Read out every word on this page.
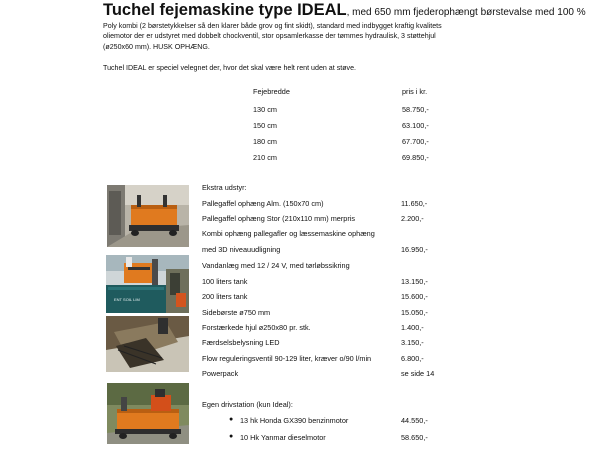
Tuchel fejemaskine type IDEAL, med 650 mm fjederophængt børstevalse med 100 %
Poly kombi (2 børstetykkelser så den klarer både grov og fint skidt), standard med indbygget kraftig kvalitets
oliemotor der er udstyret med dobbelt chockventil, stor opsamlerkasse der tømmes hydraulisk, 3 støttehjul
(ø250x60 mm). HUSK OPHÆNG.
Tuchel IDEAL er speciel velegnet der, hvor det skal være helt rent uden at støve.
Fejebredde	pris i kr.
130 cm	58.750,-
150 cm	63.100,-
180 cm	67.700,-
210 cm	69.850,-
Ekstra udstyr:
Pallegaffel ophæng Alm. (150x70 cm)	11.650,-
Pallegaffel ophæng Stor (210x110 mm) merpris	2.200,-
Kombi ophæng pallegafler og læssemaskine ophæng
med 3D niveauudligning	16.950,-
Vandanlæg med 12 / 24 V, med tørløbssikring
100 liters tank	13.150,-
200 liters tank	15.600,-
Sidebørste ø750 mm	15.050,-
Forstærkede hjul ø250x80 pr. stk.	1.400,-
Færdselsbelysning LED	3.150,-
Flow reguleringsventil 90-129 liter, kræver o/90 l/min	6.800,-
Powerpack	se side 14
Egen drivstation (kun Ideal):
● 13 hk Honda GX390 benzinmotor	44.550,-
● 10 Hk Yanmar dieselmotor	58.650,-
ENT SOIL LIM
